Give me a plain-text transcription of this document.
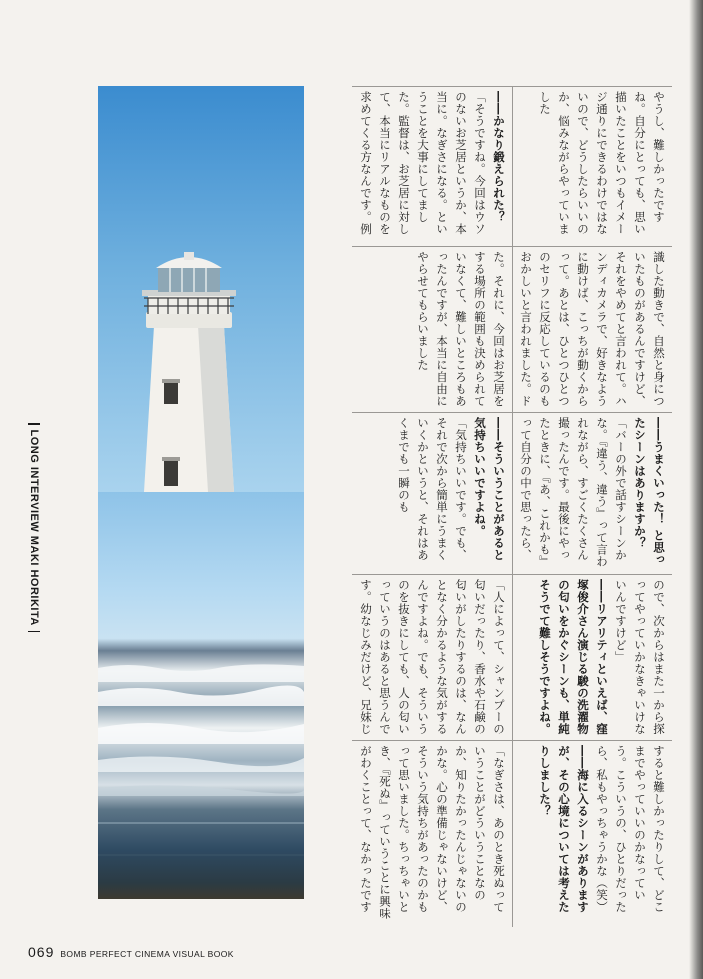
LONG INTERVIEW MAKI HORIKITA
やうし、難しかったですね。自分にとっても、思い描いたことをいつもイメージ通りにできるわけではないので、どうしたらいいのか、悩みながらやっていました
――かなり鍛えられた？
「そうですね。今回はウソのないお芝居というか、本当に。なぎさになる。ということを大事にしてました。監督は、お芝居に対して、本当にリアルなものを求めてくる方なんです。例
識した動きで、自然と身についたものがあるんですけど、それをやめてと言われて。ハンディカメラで、好きなように動けば、こっちが動くからって。あとは、ひとつひとつのセリフに反応しているのもおかしいと言われました。ド
た。それに、今回はお芝居をする場所の範囲も決められていなくて、難しいところもあったんですが、本当に自由にやらせてもらいました
――うまくいった！ と思ったシーンはありますか？
「バーの外で話すシーンかな。『違う、違う』って言われながら、すごくたくさん撮ったんです。最後にやったときに、『あ、これかも』って自分の中で思ったら、
――そういうことがあると気持ちいいですよね。
「気持ちいいです。でも、それで次から簡単にうまくいくかというと、それはあくまでも一瞬のも
ので、次からはまた一から探ってやっていかなきゃいけないんですけど」
――リアリティといえば、窪塚俊介さん演じる駿の洗濯物の匂いをかぐシーンも、単純そうでて難しそうですよね。
「人によって、シャンプーの匂いだったり、香水や石鹸の匂いがしたりするのは、なんとなく分かるような気がするんですよね。でも、そういうのを抜きにしても、人の匂いっていうのはあると思うんです。幼なじみだけど、兄妹じ
すると難しかったりして、どこまでやっていいのかなっていう。こういうの、ひとりだったら、私もやっちゃうかな（笑）
――海に入るシーンがありますが、その心境については考えたりしました？
「なぎさは、あのとき死ぬっていうことがどういうことなのか、知りたかったんじゃないのかな。心の準備じゃないけど、そういう気持ちがあったのかもって思いました。ちっちゃいとき、『死ぬ』っていうことに興味がわくことって、なかったです
069 BOMB PERFECT CINEMA VISUAL BOOK
